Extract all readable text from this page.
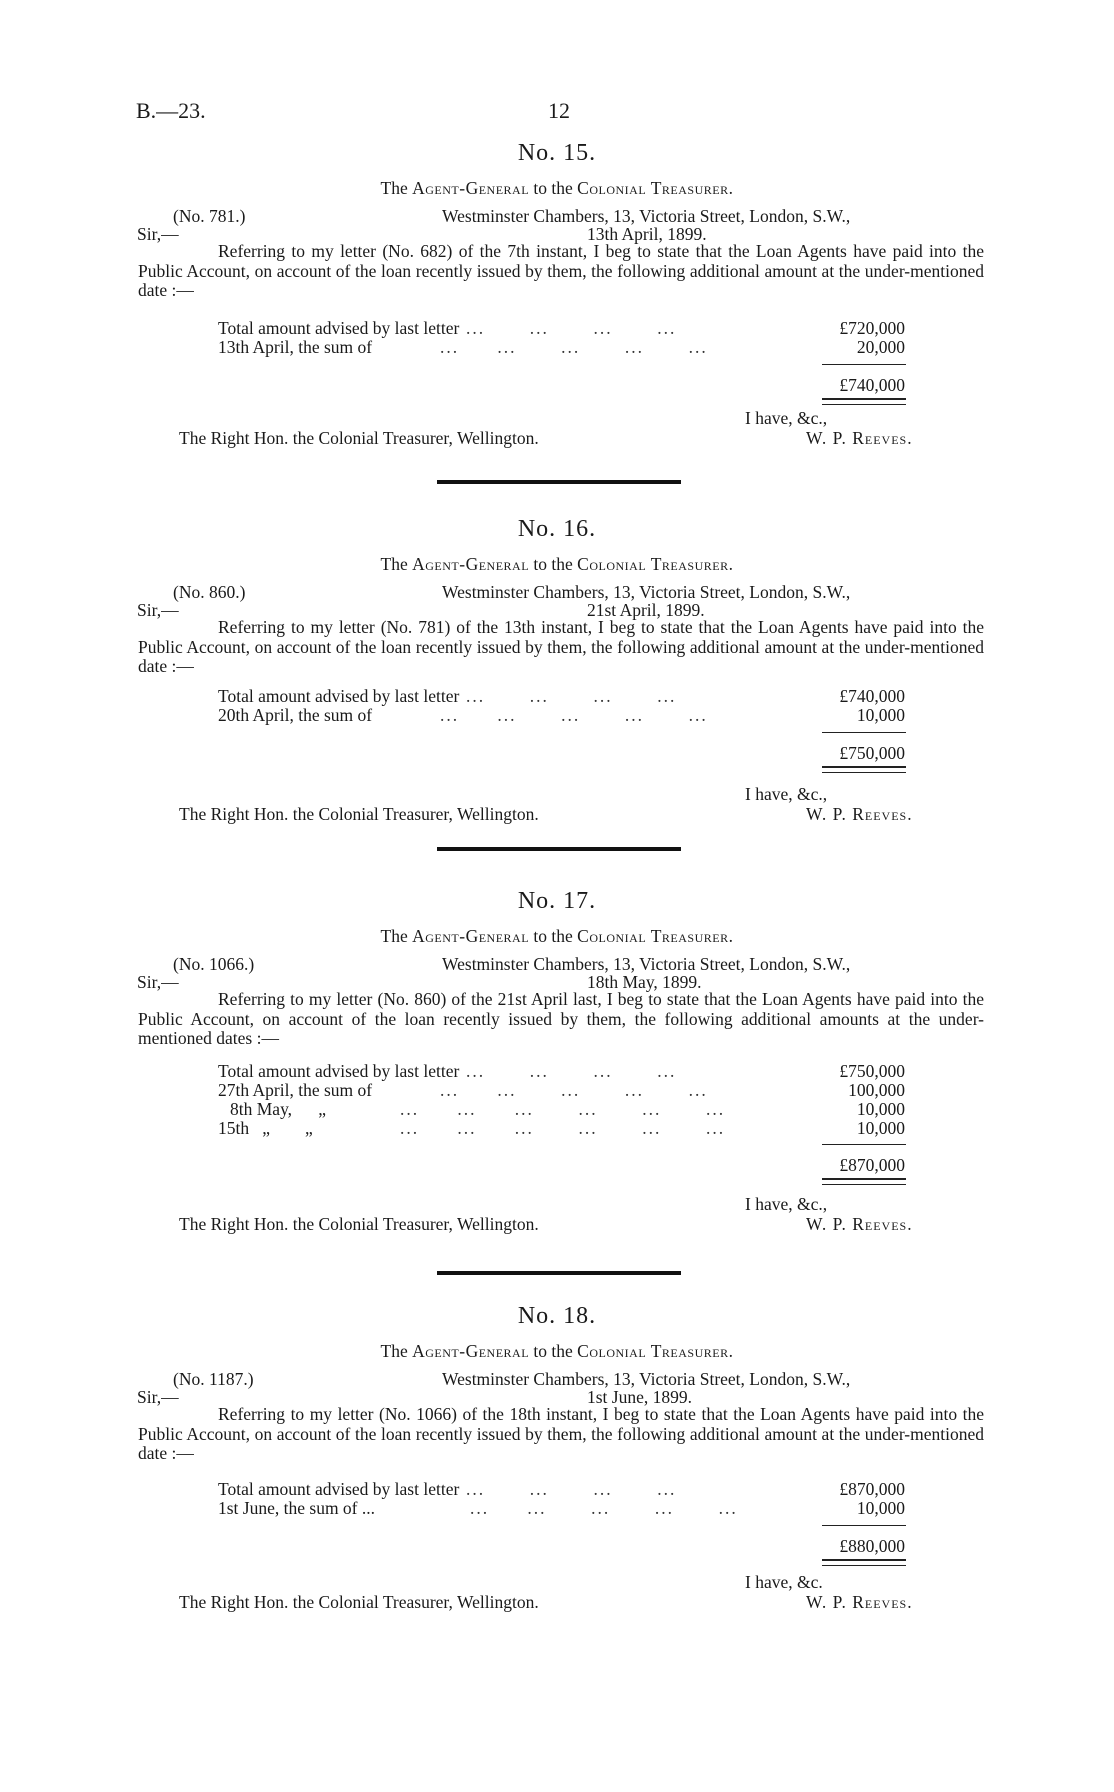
B.—23.	12
No. 15.
The Agent-General to the Colonial Treasurer.
(No. 781.)	Westminster Chambers, 13, Victoria Street, London, S.W.,
Sir,—	13th April, 1899.
Referring to my letter (No. 682) of the 7th instant, I beg to state that the Loan Agents have paid into the Public Account, on account of the loan recently issued by them, the following additional amount at the under-mentioned date :—
Total amount advised by last letter ...       ...       ...       ...	£720,000
13th April, the sum of	...      ...       ...       ...       ...	20,000
£740,000
I have, &c.,
The Right Hon. the Colonial Treasurer, Wellington.	W. P. Reeves.
No. 16.
The Agent-General to the Colonial Treasurer.
(No. 860.)	Westminster Chambers, 13, Victoria Street, London, S.W.,
Sir,—	21st April, 1899.
Referring to my letter (No. 781) of the 13th instant, I beg to state that the Loan Agents have paid into the Public Account, on account of the loan recently issued by them, the following additional amount at the under-mentioned date :—
Total amount advised by last letter ...       ...       ...       ...	£740,000
20th April, the sum of	...      ...       ...       ...       ...	10,000
£750,000
I have, &c.,
The Right Hon. the Colonial Treasurer, Wellington.	W. P. Reeves.
No. 17.
The Agent-General to the Colonial Treasurer.
(No. 1066.)	Westminster Chambers, 13, Victoria Street, London, S.W.,
Sir,—	18th May, 1899.
Referring to my letter (No. 860) of the 21st April last, I beg to state that the Loan Agents have paid into the Public Account, on account of the loan recently issued by them, the following additional amounts at the under-mentioned dates :—
Total amount advised by last letter ...       ...       ...       ...	£750,000
27th April, the sum of	...      ...       ...       ...       ...	100,000
8th May,      „	...      ...      ...       ...       ...       ...	10,000
15th   „        „	...      ...      ...       ...       ...       ...	10,000
£870,000
I have, &c.,
The Right Hon. the Colonial Treasurer, Wellington.	W. P. Reeves.
No. 18.
The Agent-General to the Colonial Treasurer.
(No. 1187.)	Westminster Chambers, 13, Victoria Street, London, S.W.,
Sir,—	1st June, 1899.
Referring to my letter (No. 1066) of the 18th instant, I beg to state that the Loan Agents have paid into the Public Account, on account of the loan recently issued by them, the following additional amount at the under-mentioned date :—
Total amount advised by last letter ...       ...       ...       ...	£870,000
1st June, the sum of ...	...      ...       ...       ...       ...	10,000
£880,000
I have, &c.
The Right Hon. the Colonial Treasurer, Wellington.	W. P. Reeves.
